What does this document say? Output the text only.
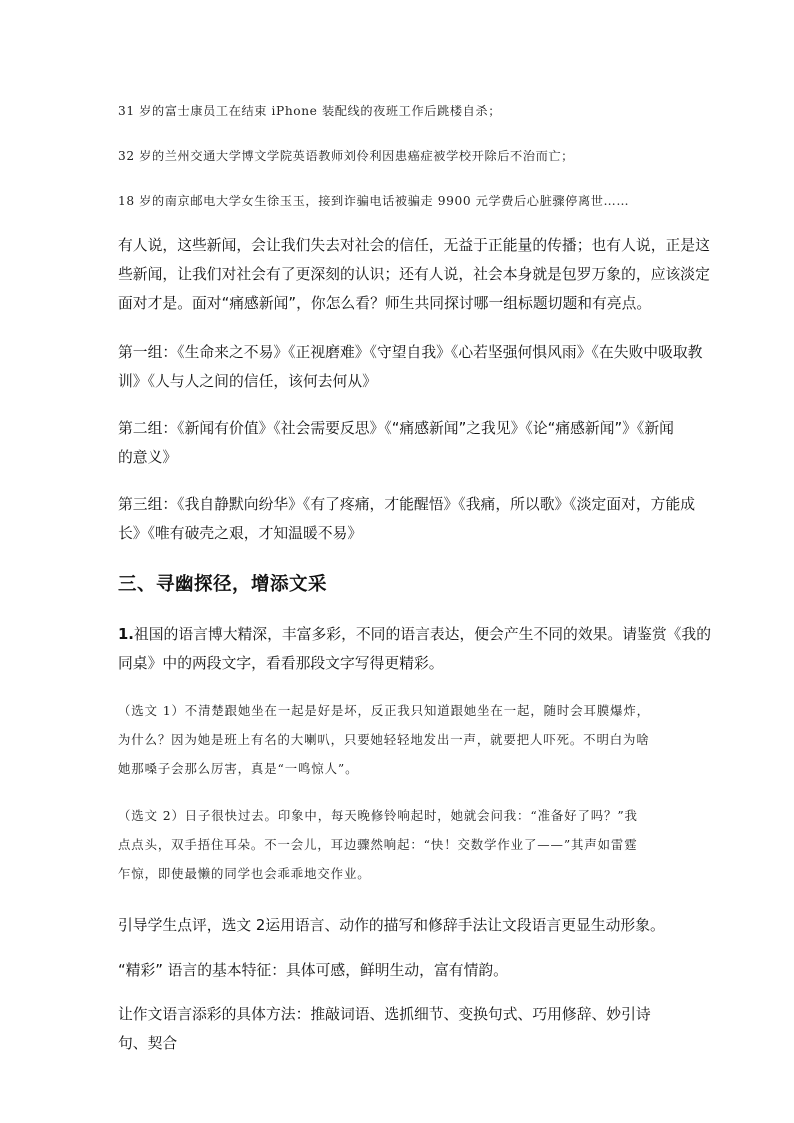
31 岁的富士康员工在结束 iPhone 装配线的夜班工作后跳楼自杀；

32 岁的兰州交通大学博文学院英语教师刘伶利因患癌症被学校开除后不治而亡；

18 岁的南京邮电大学女生徐玉玉，接到诈骗电话被骗走 9900 元学费后心脏骤停离世……

有人说，这些新闻，会让我们失去对社会的信任，无益于正能量的传播；也有人说，正是这
些新闻，让我们对社会有了更深刻的认识；还有人说，社会本身就是包罗万象的，应该淡定
面对才是。面对“痛感新闻”，你怎么看？师生共同探讨哪一组标题切题和有亮点。
第一组：《生命来之不易》《正视磨难》《守望自我》《心若坚强何惧风雨》《在失败中吸取教
训》《人与人之间的信任，该何去何从》
第二组：《新闻有价值》《社会需要反思》《“痛感新闻”之我见》《论“痛感新闻”》《新闻
的意义》
第三组：《我自静默向纷华》《有了疼痛，才能醒悟》《我痛，所以歌》《淡定面对，方能成
长》《唯有破壳之艰，才知温暖不易》
三、寻幽探径，增添文采
1.祖国的语言博大精深，丰富多彩，不同的语言表达，便会产生不同的效果。请鉴赏《我的
同桌》中的两段文字，看看那段文字写得更精彩。
（选文 1）不清楚跟她坐在一起是好是坏，反正我只知道跟她坐在一起，随时会耳膜爆炸，
为什么？因为她是班上有名的大喇叭，只要她轻轻地发出一声，就要把人吓死。不明白为啥
她那嗓子会那么厉害，真是“一鸣惊人”。
（选文 2）日子很快过去。印象中，每天晚修铃响起时，她就会问我：“准备好了吗？”我
点点头，双手捂住耳朵。不一会儿，耳边骤然响起：“快！交数学作业了——”其声如雷霆
乍惊，即使最懒的同学也会乖乖地交作业。

引导学生点评，选文 2运用语言、动作的描写和修辞手法让文段语言更显生动形象。

“精彩” 语言的基本特征：具体可感，鲜明生动，富有情韵。

让作文语言添彩的具体方法：推敲词语、选抓细节、变换句式、巧用修辞、妙引诗句、契合
